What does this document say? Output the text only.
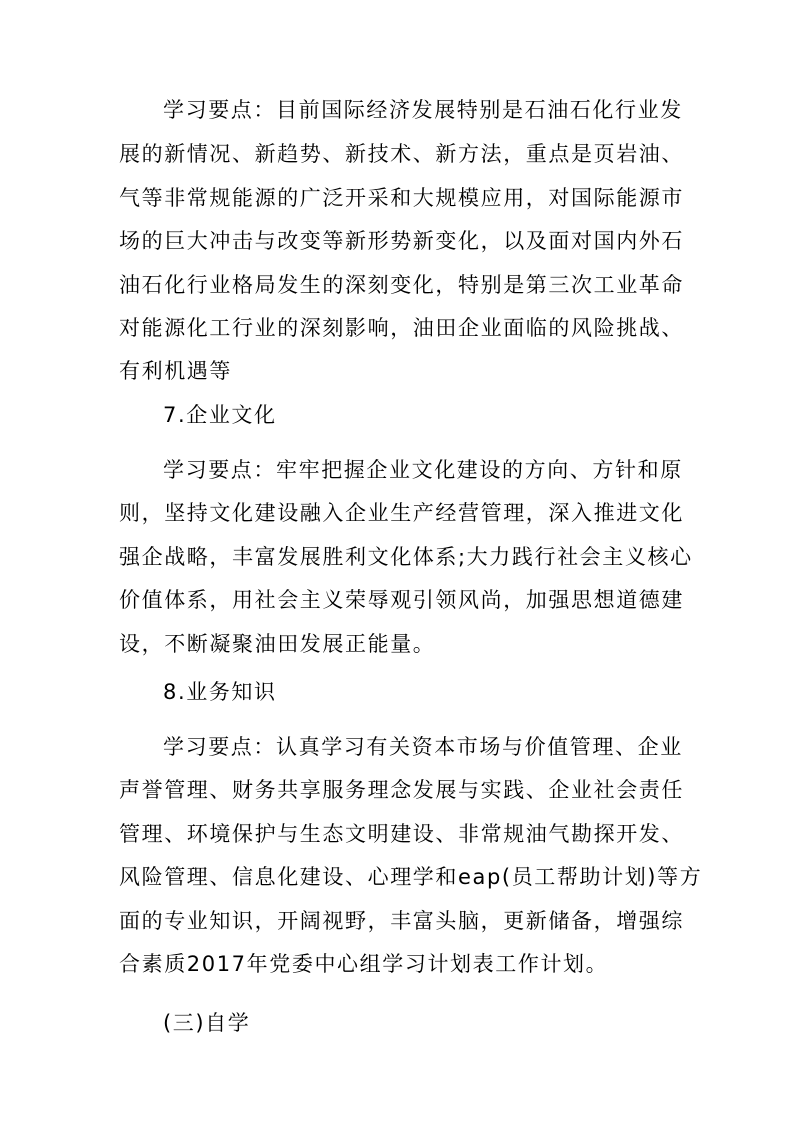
学习要点：目前国际经济发展特别是石油石化行业发
展的新情况、新趋势、新技术、新方法，重点是页岩油、
气等非常规能源的广泛开采和大规模应用，对国际能源市
场的巨大冲击与改变等新形势新变化，以及面对国内外石
油石化行业格局发生的深刻变化，特别是第三次工业革命
对能源化工行业的深刻影响，油田企业面临的风险挑战、
有利机遇等
7.企业文化
学习要点：牢牢把握企业文化建设的方向、方针和原
则，坚持文化建设融入企业生产经营管理，深入推进文化
强企战略，丰富发展胜利文化体系;大力践行社会主义核心
价值体系，用社会主义荣辱观引领风尚，加强思想道德建
设，不断凝聚油田发展正能量。
8.业务知识
学习要点：认真学习有关资本市场与价值管理、企业
声誉管理、财务共享服务理念发展与实践、企业社会责任
管理、环境保护与生态文明建设、非常规油气勘探开发、
风险管理、信息化建设、心理学和eap(员工帮助计划)等方
面的专业知识，开阔视野，丰富头脑，更新储备，增强综
合素质2017年党委中心组学习计划表工作计划。
(三)自学
